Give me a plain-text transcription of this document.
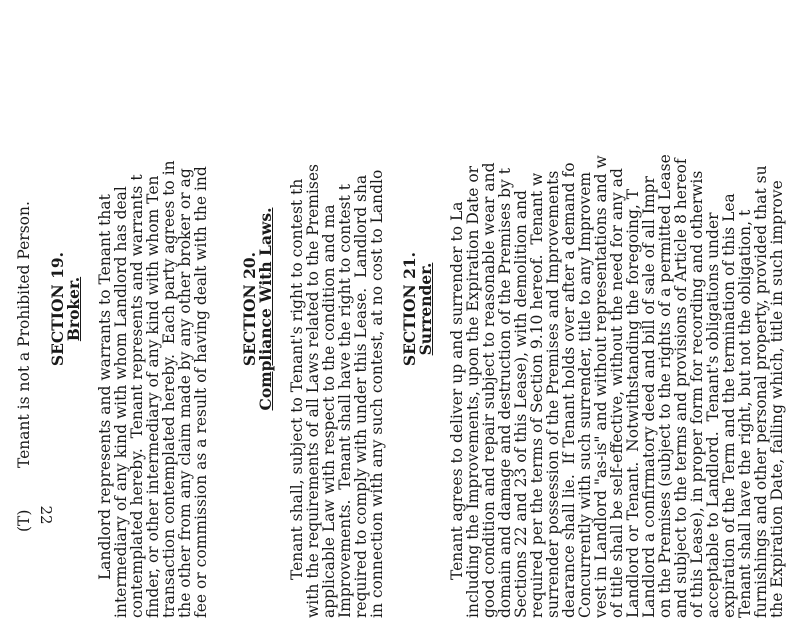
(T)
Tenant is not a Prohibited Person. SECTION 19.
Broker. Landlord represents and warrants to Tenant that
intermediary of any kind with whom Landlord has deal
contemplated hereby.  Tenant represents and warrants t
finder, or other intermediary of any kind with whom Ten
transaction contemplated hereby.  Each party agrees to in
the other from any claim made by any other broker or ag
fee or commission as a result of having dealt with the ind SECTION 20.
Compliance With Laws. Tenant shall, subject to Tenant's right to contest th
with the requirements of all Laws related to the Premises
applicable Law with respect to the condition and ma
Improvements.  Tenant shall have the right to contest t
required to comply with under this Lease.  Landlord sha
in connection with any such contest, at no cost to Landlo SECTION 21.
Surrender. Tenant agrees to deliver up and surrender to La
including the Improvements, upon the Expiration Date or
good condition and repair subject to reasonable wear and
domain and damage and destruction of the Premises by t
Sections 22 and 23 of this Lease), with demolition and
required per the terms of Section 9.10 hereof.  Tenant w
surrender possession of the Premises and Improvements
dearance shall lie.  If Tenant holds over after a demand fo
Concurrently with such surrender, title to any Improvem
vest in Landlord "as-is" and without representations and w
of title shall be self-effective, without the need for any ad
Landlord or Tenant.  Notwithstanding the foregoing, T
Landlord a confirmatory deed and bill of sale of all Impr
on the Premises (subject to the rights of a permitted Lease
and subject to the terms and provisions of Article 8 hereof
of this Lease), in proper form for recording and otherwis
acceptable to Landlord.  Tenant's obligations under
expiration of the Term and the termination of this Lea
Tenant shall have the right, but not the obligation, t
furnishings and other personal property, provided that su
the Expiration Date, failing which, title in such improve
22
